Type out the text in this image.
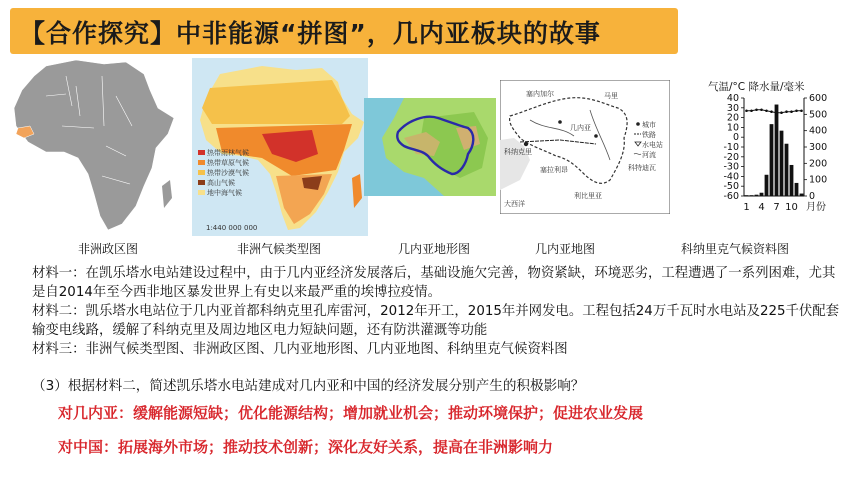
【合作探究】中非能源“拼图”，几内亚板块的故事
热带雨林气候
热带草原气候
热带沙漠气候
高山气候
地中海气候
1:440 000 000
塞内加尔	马里
科纳克里
塞拉利昂	科特迪瓦
利比里亚
几内亚
大西洋
城市
铁路
水电站
河流
气温/°C 降水量/毫米
40
30
20
10
0
-10
-20
-30
-40
-50
-60
600
500
400
300
200
100
0
1 4 7 10 月份
非洲政区图	非洲气候类型图	几内亚地形图	几内亚地图	科纳里克气候资料图
材料一：在凯乐塔水电站建设过程中，由于几内亚经济发展落后，基础设施欠完善，物资紧缺，环境恶劣，工程遭遇了一系列困难，尤其是自2014年至今西非地区暴发世界上有史以来最严重的埃博拉疫情。
材料二：凯乐塔水电站位于几内亚首都科纳克里孔库雷河，2012年开工，2015年并网发电。工程包括24万千瓦时水电站及225千伏配套输变电线路，缓解了科纳克里及周边地区电力短缺问题，还有防洪灌溉等功能
材料三：非洲气候类型图、非洲政区图、几内亚地形图、几内亚地图、科纳里克气候资料图
（3）根据材料二，简述凯乐塔水电站建成对几内亚和中国的经济发展分别产生的积极影响？
对几内亚：缓解能源短缺；优化能源结构；增加就业机会；推动环境保护；促进农业发展
对中国：拓展海外市场；推动技术创新；深化友好关系，提高在非洲影响力
